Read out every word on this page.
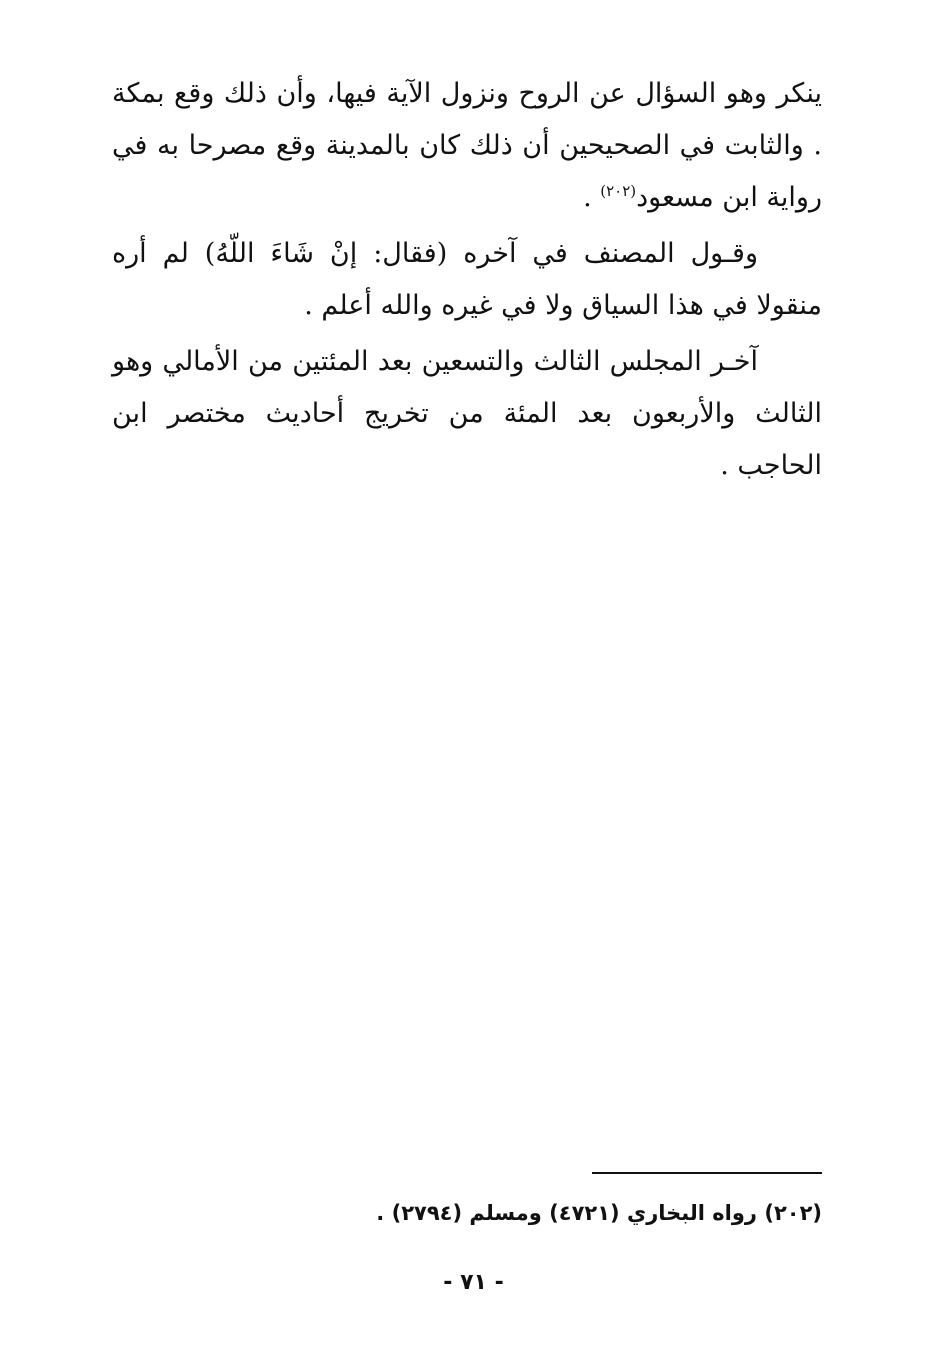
ينكر وهو السؤال عن الروح ونزول الآية فيها، وأن ذلك وقع بمكة . والثابت في الصحيحين أن ذلك كان بالمدينة وقع مصرحا به في رواية ابن مسعود$^{(٢٠٢)}$ .

وقـول المصنف في آخره (فقال: إنْ شَاءَ اللّهُ) لم أره منقولا في هذا السياق ولا في غيره والله أعلم .

آخـر المجلس الثالث والتسعين بعد المئتين من الأمالي وهو الثالث والأربعون بعد المئة من تخريج أحاديث مختصر ابن الحاجب .

(٢٠٢) رواه البخاري (٤٧٢١) ومسلم (٢٧٩٤) .
- ٧١ -
